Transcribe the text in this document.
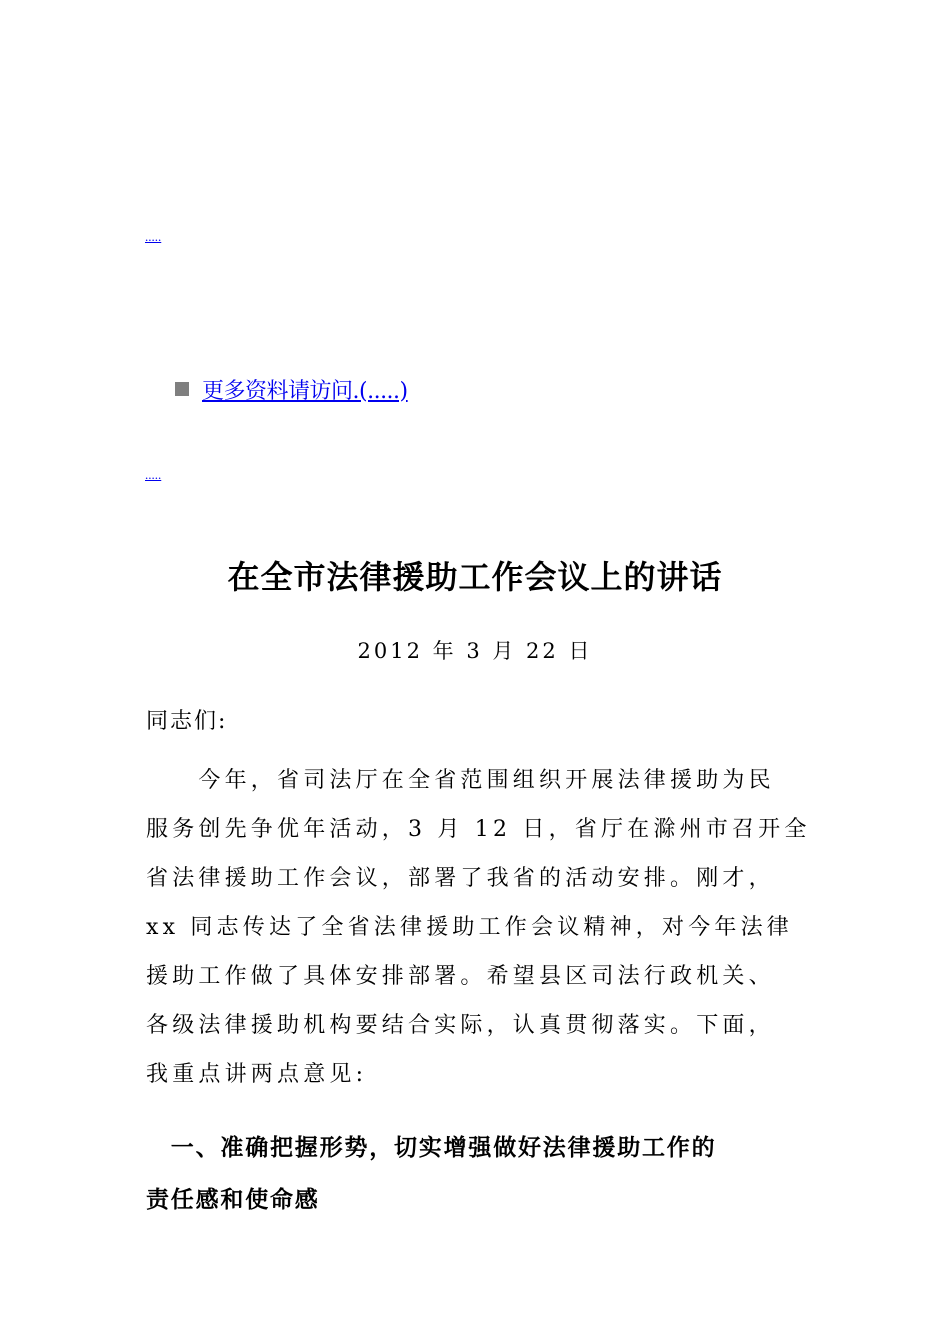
.....
更多资料请访问.(.....)
.....
在全市法律援助工作会议上的讲话
2012 年 3 月 22 日
同志们:
　　今年，省司法厅在全省范围组织开展法律援助为民
服务创先争优年活动，3 月 12 日，省厅在滁州市召开全
省法律援助工作会议，部署了我省的活动安排。刚才，
xx 同志传达了全省法律援助工作会议精神，对今年法律
援助工作做了具体安排部署。希望县区司法行政机关、
各级法律援助机构要结合实际，认真贯彻落实。下面，
我重点讲两点意见:
　一、准确把握形势，切实增强做好法律援助工作的
责任感和使命感
